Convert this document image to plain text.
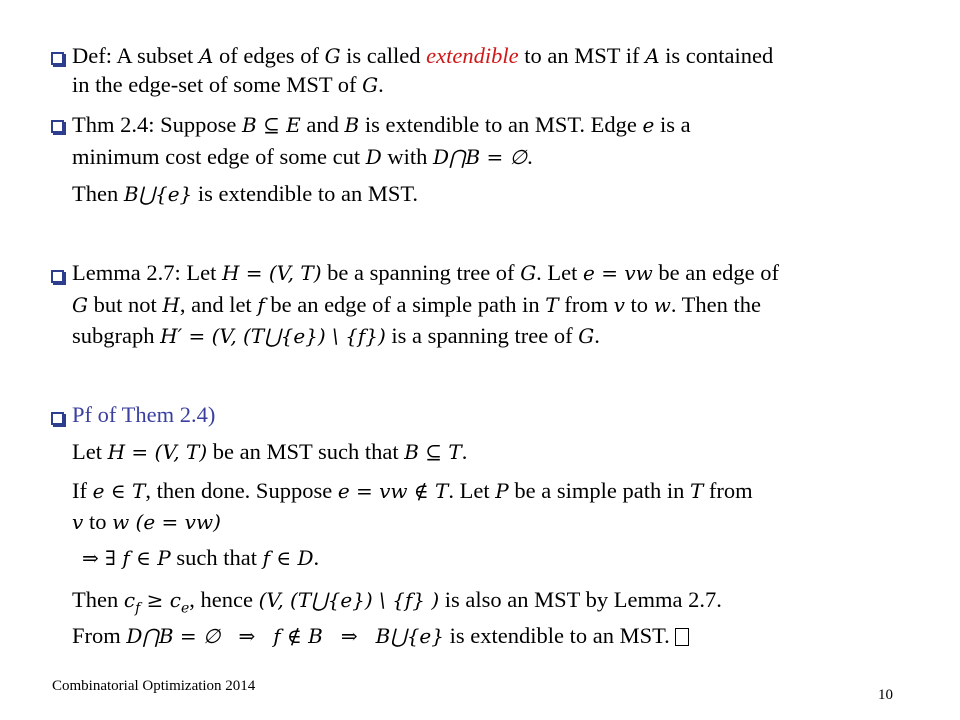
Def: A subset A of edges of G is called extendible to an MST if A is contained
in the edge-set of some MST of G.
Thm 2.4: Suppose B ⊆ E and B is extendible to an MST. Edge e is a
minimum cost edge of some cut D with D⋂B = ∅.
Then B⋃{e} is extendible to an MST.
Lemma 2.7: Let H = (V, T) be a spanning tree of G. Let e = vw be an edge of
G but not H, and let f be an edge of a simple path in T from v to w. Then the
subgraph H′ = (V, (T⋃{e}) \ {f}) is a spanning tree of G.
Pf of Them 2.4)
Let H = (V, T) be an MST such that B ⊆ T.
If e ∈ T, then done. Suppose e = vw ∉ T. Let P be a simple path in T from
v to w (e = vw)
⇒ ∃ f ∈ P such that f ∈ D.
Then $c_f \ge c_e$, hence (V, (T⋃{e}) \ {f} ) is also an MST by Lemma 2.7.
From D⋂B = ∅ ⇒ f ∉ B ⇒ B⋃{e} is extendible to an MST.
Combinatorial Optimization 2014
10
